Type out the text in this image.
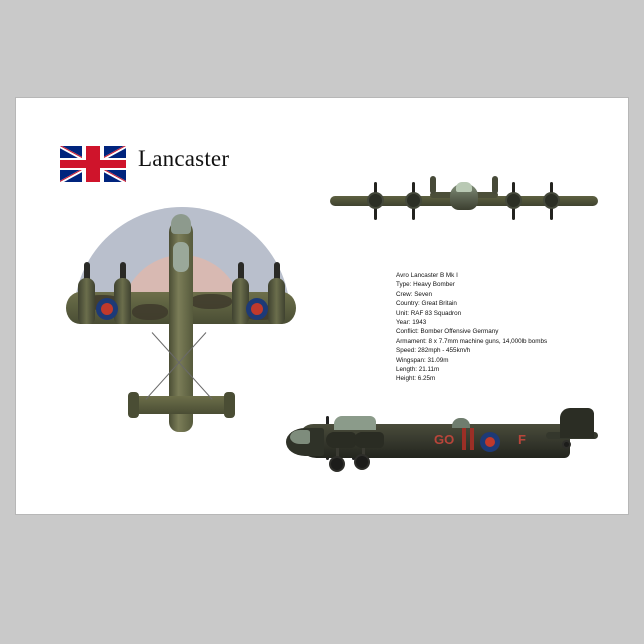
Lancaster
Avro Lancaster B Mk I
Type: Heavy Bomber
Crew: Seven
Country: Great Britain
Unit: RAF 83 Squadron
Year: 1943
Conflict: Bomber Offensive Germany
Armament: 8 x 7.7mm machine guns, 14,000lb bombs
Speed: 282mph - 455km/h
Wingspan: 31.09m
Length: 21.11m
Height: 6.25m
GO	F
